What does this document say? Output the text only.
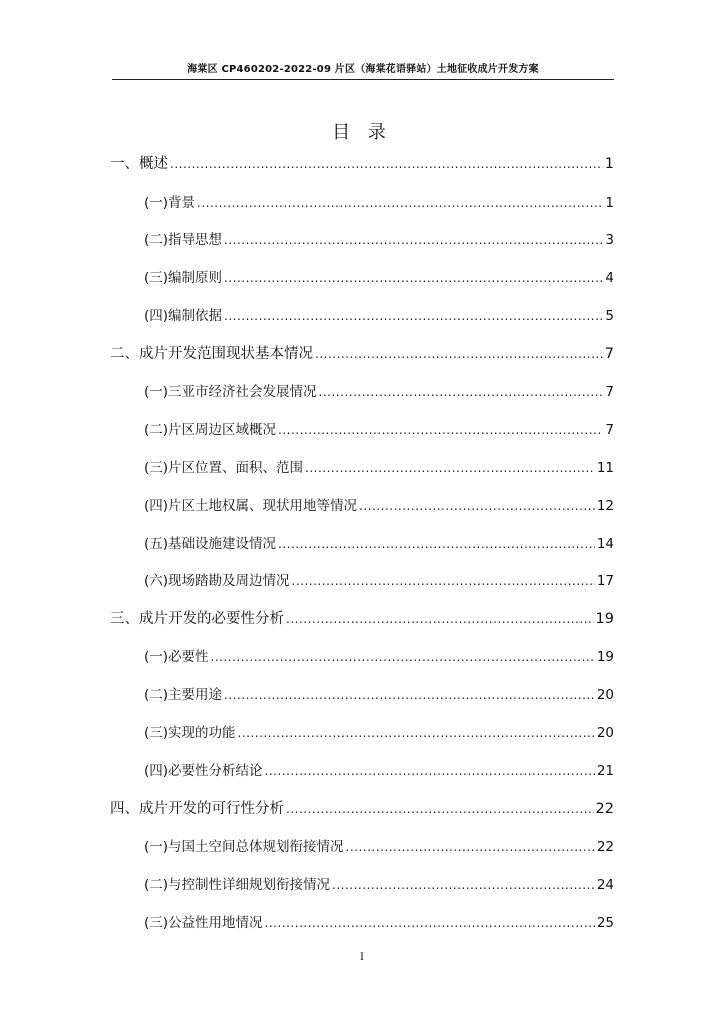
海棠区 CP460202-2022-09 片区（海棠花语驿站）土地征收成片开发方案
目 录
一、 概述 .....	1
(一) 背景 .....	1
(二) 指导思想 .....	3
(三) 编制原则 .....	4
(四) 编制依据 .....	5
二、 成片开发范围现状基本情况 .....	7
(一) 三亚市经济社会发展情况 .....	7
(二) 片区周边区域概况 .....	7
(三) 片区位置、面积、范围 .....	11
(四) 片区土地权属、现状用地等情况 .....	12
(五) 基础设施建设情况 .....	14
(六) 现场踏勘及周边情况 .....	17
三、 成片开发的必要性分析 .....	19
(一) 必要性 .....	19
(二) 主要用途 .....	20
(三) 实现的功能 .....	20
(四) 必要性分析结论 .....	21
四、 成片开发的可行性分析 .....	22
(一) 与国土空间总体规划衔接情况 .....	22
(二) 与控制性详细规划衔接情况 .....	24
(三) 公益性用地情况 .....	25
I
